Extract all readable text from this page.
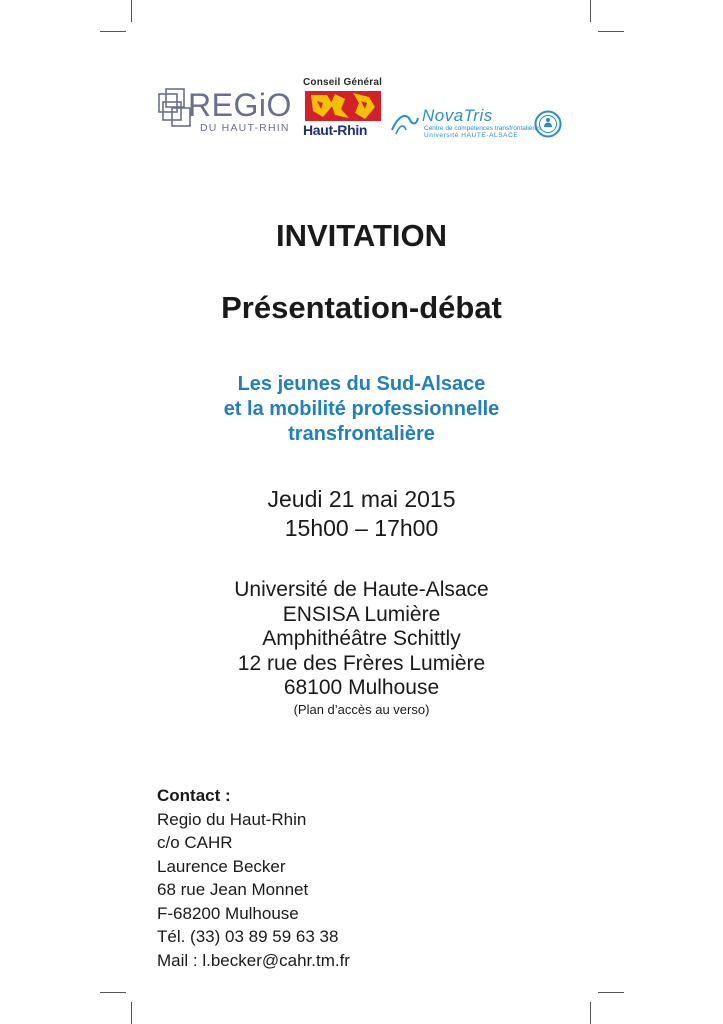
REGiO
DU HAUT-RHIN
Conseil Général
Haut-Rhin
NovaTris
Centre de compétences transfrontalières
Université HAUTE-ALSACE
INVITATION
Présentation-débat
Les jeunes du Sud-Alsace
et la mobilité professionnelle
transfrontalière
Jeudi 21 mai 2015
15h00 – 17h00
Université de Haute-Alsace
ENSISA Lumière
Amphithéâtre Schittly
12 rue des Frères Lumière
68100 Mulhouse
(Plan d’accès au verso)
Contact :
Regio du Haut-Rhin
c/o CAHR
Laurence Becker
68 rue Jean Monnet
F-68200 Mulhouse
Tél. (33) 03 89 59 63 38
Mail : l.becker@cahr.tm.fr
